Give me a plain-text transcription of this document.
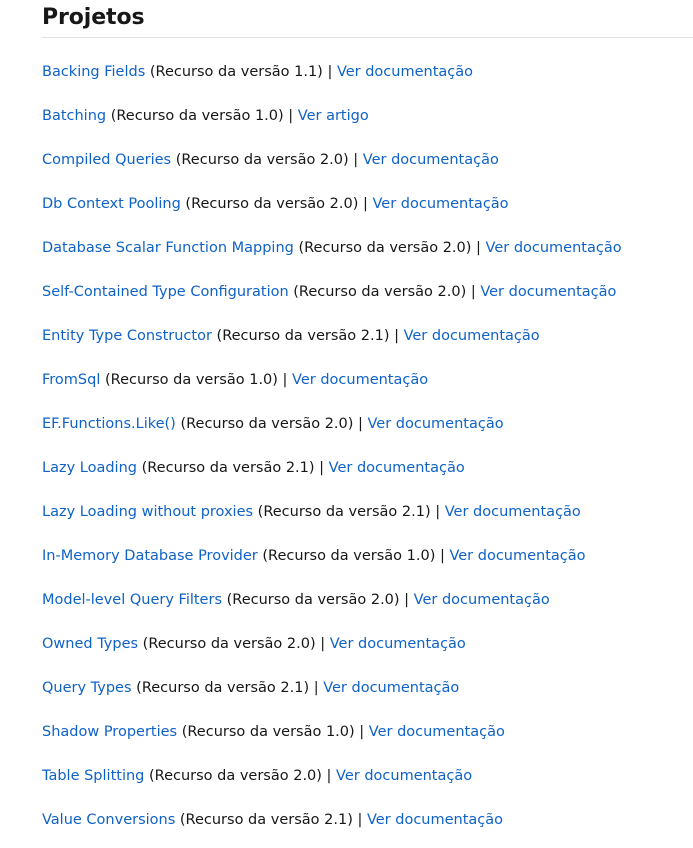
Projetos
Backing Fields (Recurso da versão 1.1) | Ver documentação
Batching (Recurso da versão 1.0) | Ver artigo
Compiled Queries (Recurso da versão 2.0) | Ver documentação
Db Context Pooling (Recurso da versão 2.0) | Ver documentação
Database Scalar Function Mapping (Recurso da versão 2.0) | Ver documentação
Self-Contained Type Configuration (Recurso da versão 2.0) | Ver documentação
Entity Type Constructor (Recurso da versão 2.1) | Ver documentação
FromSql (Recurso da versão 1.0) | Ver documentação
EF.Functions.Like() (Recurso da versão 2.0) | Ver documentação
Lazy Loading (Recurso da versão 2.1) | Ver documentação
Lazy Loading without proxies (Recurso da versão 2.1) | Ver documentação
In-Memory Database Provider (Recurso da versão 1.0) | Ver documentação
Model-level Query Filters (Recurso da versão 2.0) | Ver documentação
Owned Types (Recurso da versão 2.0) | Ver documentação
Query Types (Recurso da versão 2.1) | Ver documentação
Shadow Properties (Recurso da versão 1.0) | Ver documentação
Table Splitting (Recurso da versão 2.0) | Ver documentação
Value Conversions (Recurso da versão 2.1) | Ver documentação
